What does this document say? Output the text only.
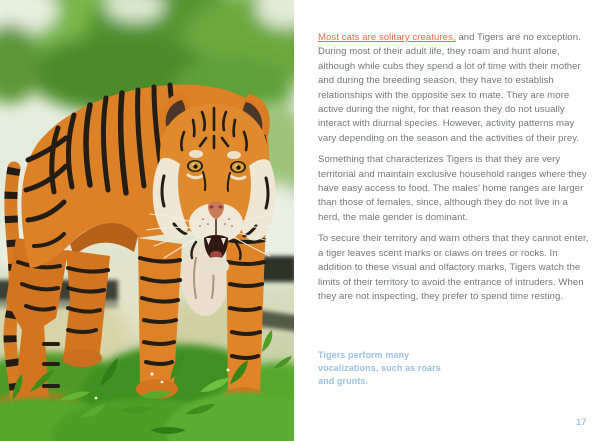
Most cats are solitary creatures, and Tigers are no exception. During most of their adult life, they roam and hunt alone, although while cubs they spend a lot of time with their mother and during the breeding season, they have to establish relationships with the opposite sex to mate. They are more active during the night, for that reason they do not usually interact with diurnal species. However, activity patterns may vary depending on the season and the activities of their prey.

Something that characterizes Tigers is that they are very territorial and maintain exclusive household ranges where they have easy access to food. The males' home ranges are larger than those of females, since, although they do not live in a herd, the male gender is dominant.

To secure their territory and warn others that they cannot enter, a tiger leaves scent marks or claws on trees or rocks. In addition to these visual and olfactory marks, Tigers watch the limits of their territory to avoid the entrance of intruders. When they are not inspecting, they prefer to spend time resting.

Tigers perform many vocalizations, such as roars and grunts.
17
